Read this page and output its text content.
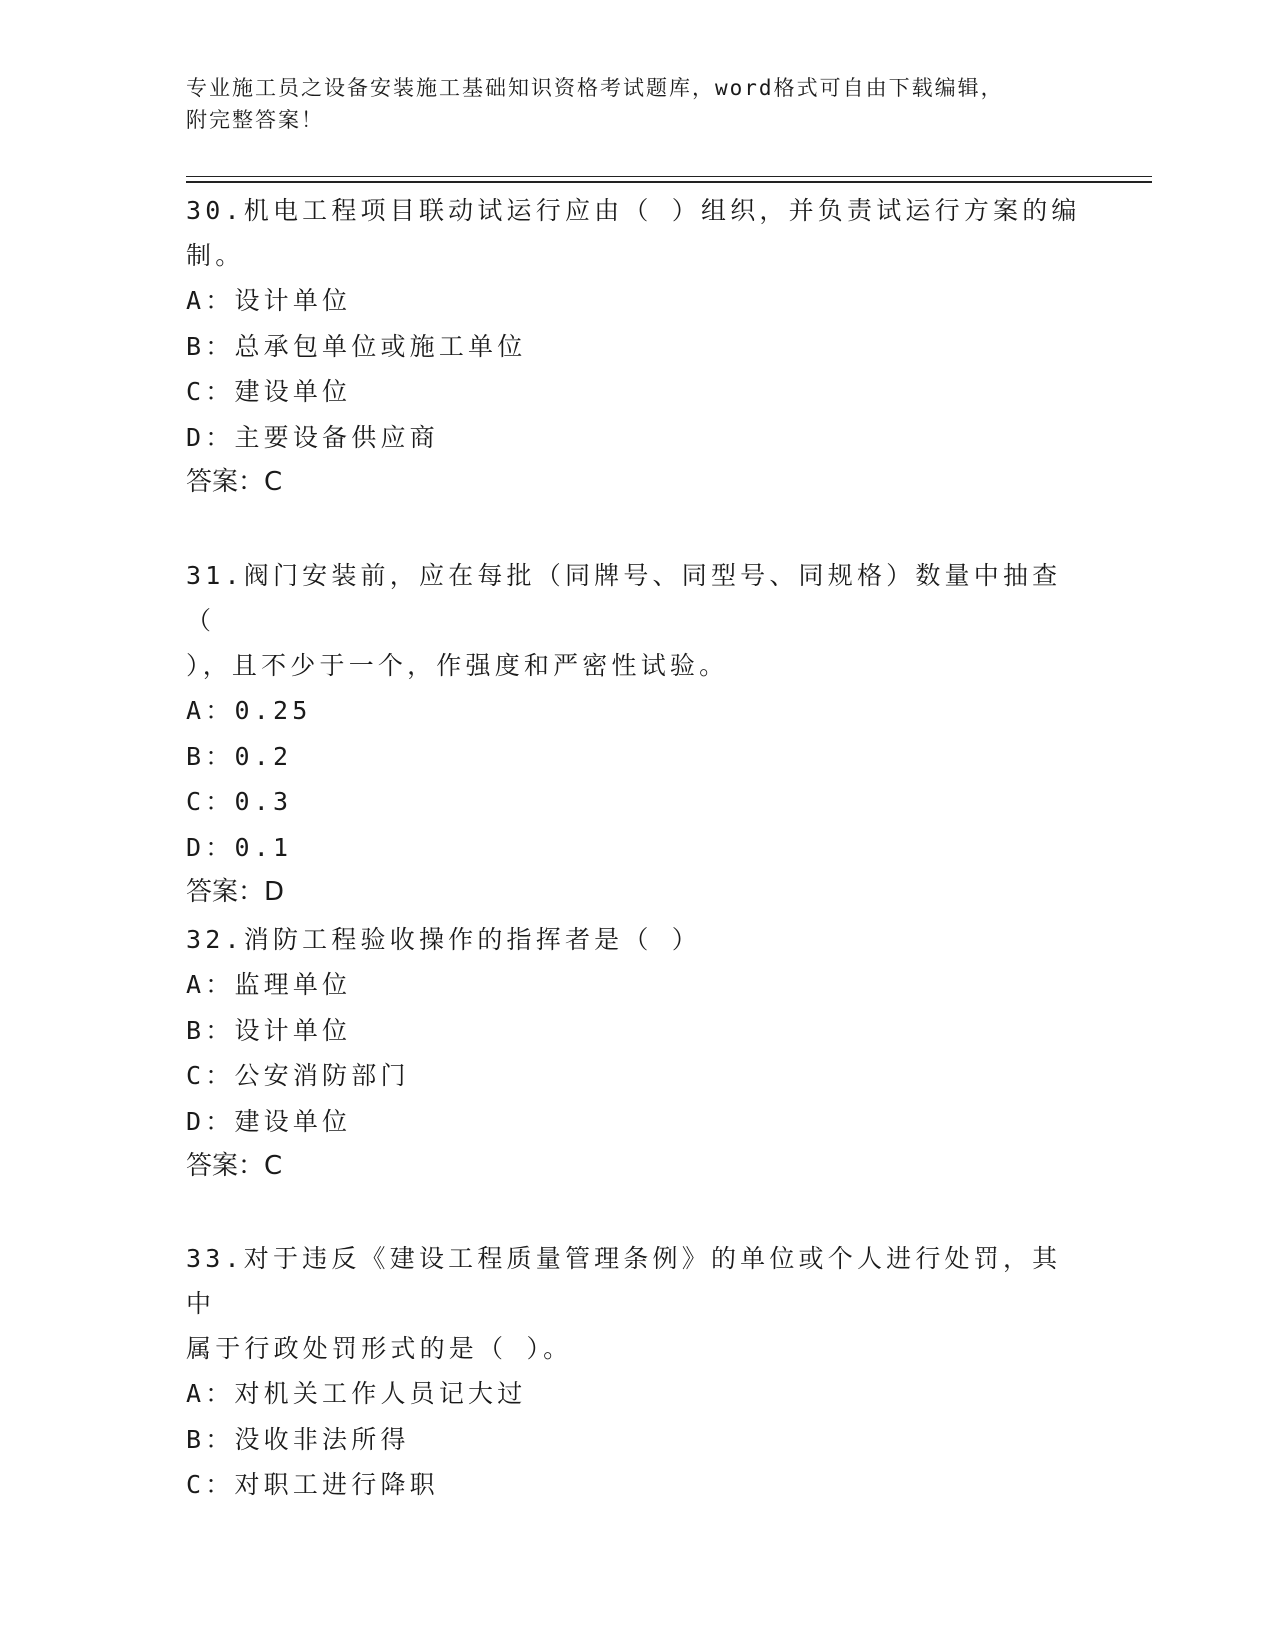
专业施工员之设备安装施工基础知识资格考试题库，word格式可自由下载编辑，
附完整答案！
30.机电工程项目联动试运行应由（ ）组织，并负责试运行方案的编
制。
A：设计单位
B：总承包单位或施工单位
C：建设单位
D：主要设备供应商
答案：C
31.阀门安装前，应在每批（同牌号、同型号、同规格）数量中抽查（
），且不少于一个，作强度和严密性试验。
A：0.25
B：0.2
C：0.3
D：0.1
答案：D
32.消防工程验收操作的指挥者是（ ）
A：监理单位
B：设计单位
C：公安消防部门
D：建设单位
答案：C
33.对于违反《建设工程质量管理条例》的单位或个人进行处罚，其中
属于行政处罚形式的是（ ）。
A：对机关工作人员记大过
B：没收非法所得
C：对职工进行降职
